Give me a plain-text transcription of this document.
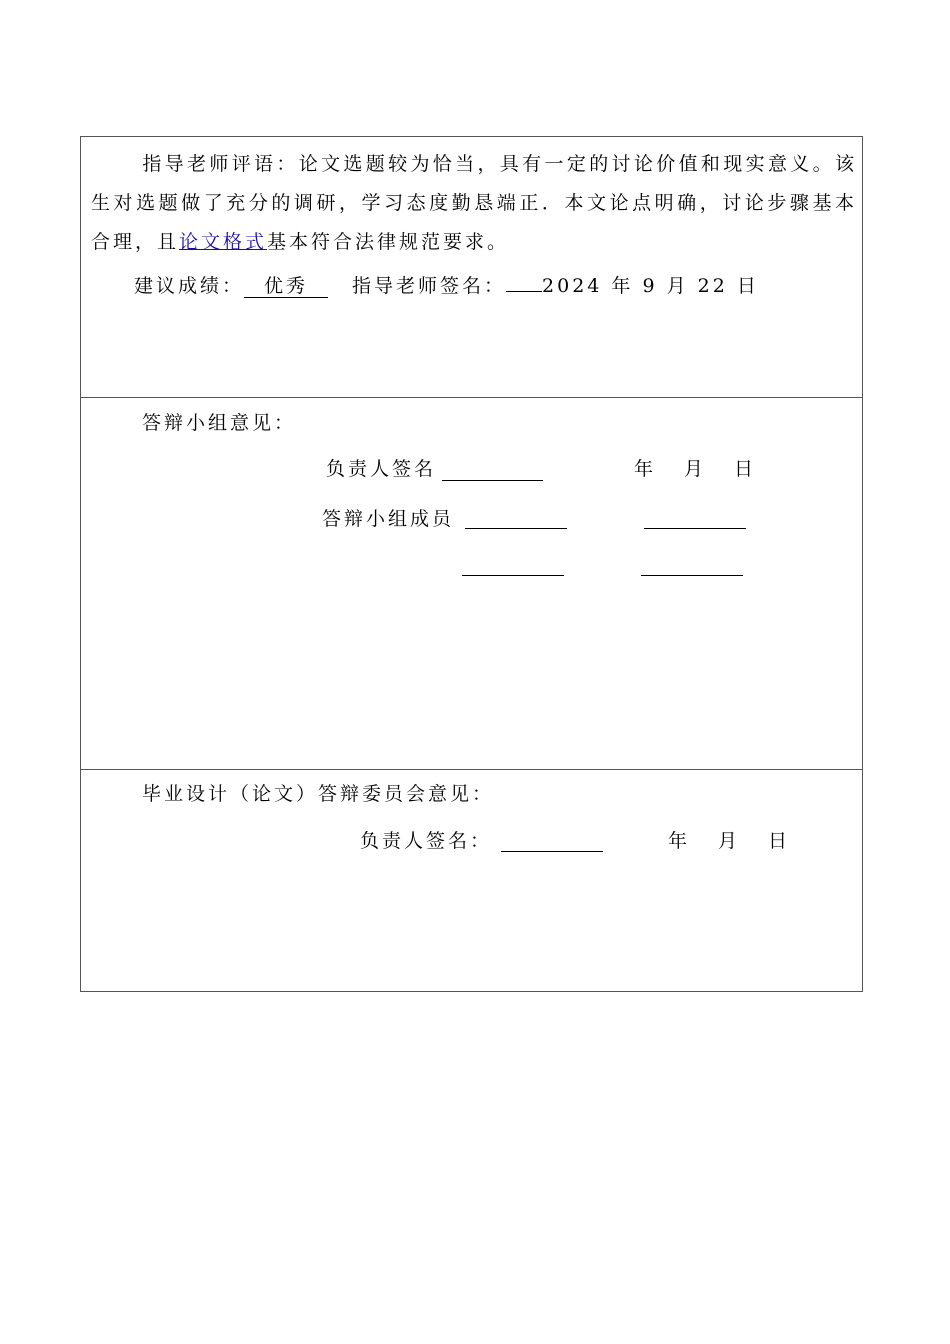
指导老师评语：论文选题较为恰当，具有一定的讨论价值和现实意义。该生对选题做了充分的调研，学习态度勤恳端正．本文论点明确，讨论步骤基本合理，且论文格式基本符合法律规范要求。
建议成绩： 优秀	指导老师签名： 2024 年 9 月 22 日
答辩小组意见：
负责人签名	年 月 日
答辩小组成员
毕业设计（论文）答辩委员会意见：
负责人签名：	年 月 日
